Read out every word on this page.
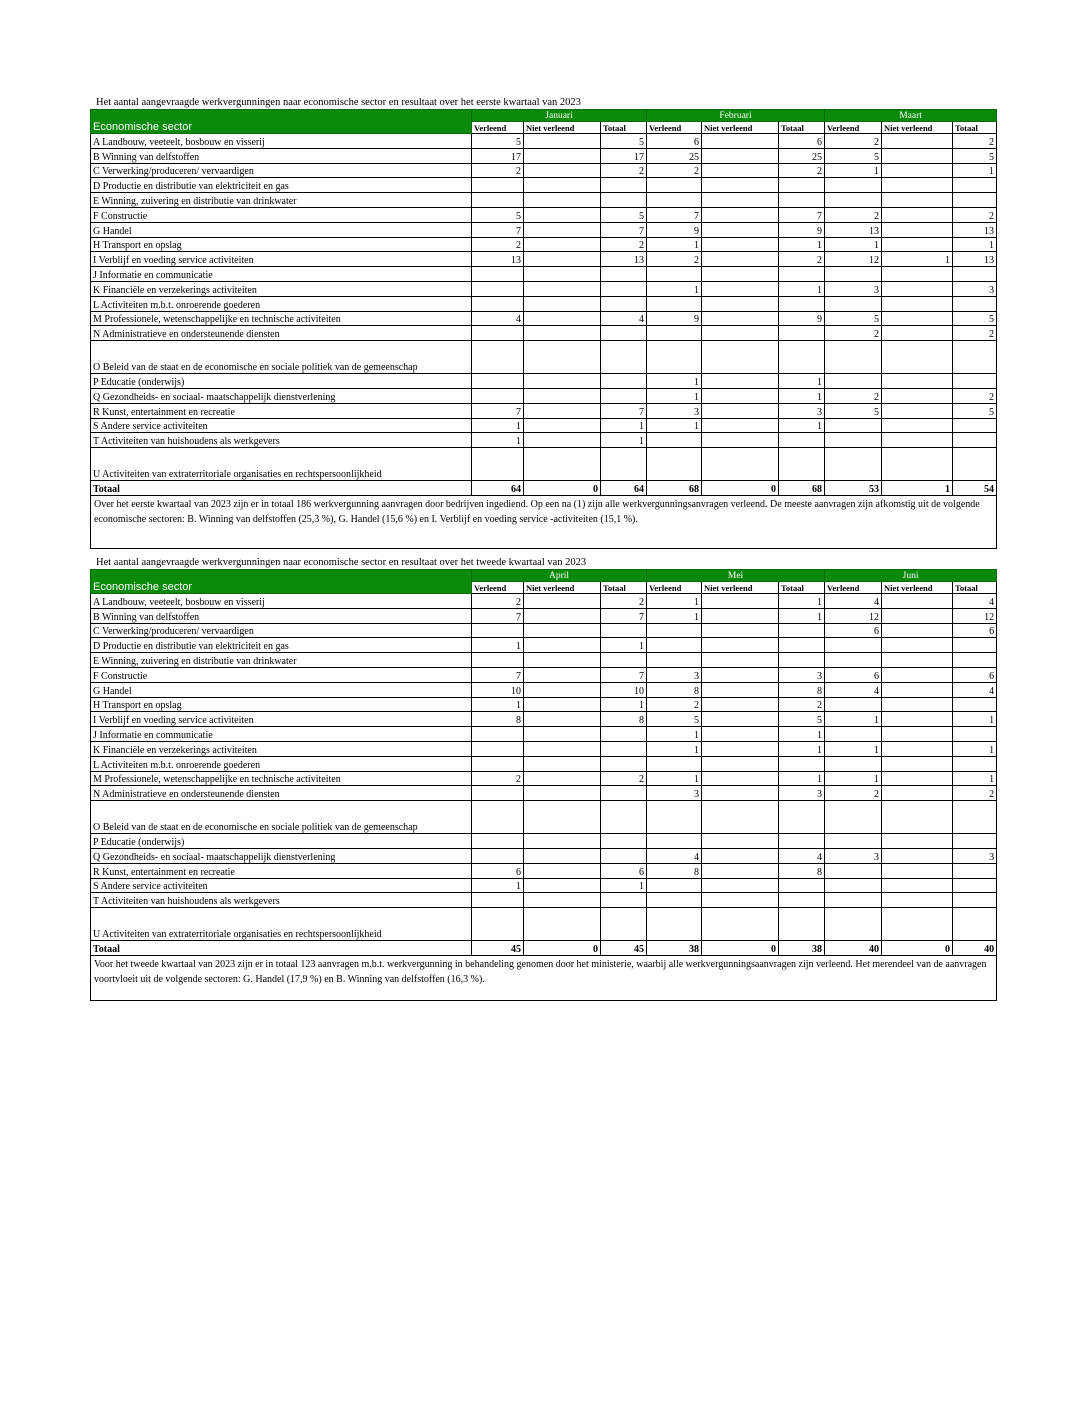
Het aantal aangevraagde werkvergunningen naar economische sector en resultaat over het eerste kwartaal van 2023
Economische sector	Januari			Februari			Maart		
	Verleend	Niet verleend	Totaal	Verleend	Niet verleend	Totaal	Verleend	Niet verleend	Totaal
A Landbouw, veeteelt, bosbouw en visserij	5		5	6		6	2		2
B Winning van delfstoffen	17		17	25		25	5		5
C Verwerking/produceren/ vervaardigen	2		2	2		2	1		1
D Productie en distributie van elektriciteit en gas									
E Winning, zuivering en distributie van drinkwater									
F Constructie	5		5	7		7	2		2
G Handel	7		7	9		9	13		13
H Transport en opslag	2		2	1		1	1		1
I Verblijf en voeding service activiteiten	13		13	2		2	12	1	13
J Informatie en communicatie									
K Financiële en verzekerings activiteiten				1		1	3		3
L Activiteiten m.b.t. onroerende goederen									
M Professionele, wetenschappelijke en technische activiteiten	4		4	9		9	5		5
N Administratieve en ondersteunende diensten							2		2
O Beleid van de staat en de economische en sociale politiek van de gemeenschap									
P Educatie (onderwijs)				1		1			
Q Gezondheids- en sociaal- maatschappelijk dienstverlening				1		1	2		2
R Kunst, entertainment en recreatie	7		7	3		3	5		5
S Andere service activiteiten	1		1	1		1			
T Activiteiten van huishoudens als werkgevers	1		1						
U Activiteiten van extraterritoriale organisaties en rechtspersoonlijkheid									
Totaal	64	0	64	68	0	68	53	1	54
Over het eerste kwartaal van 2023 zijn er in totaal 186 werkvergunning aanvragen door bedrijven ingediend. Op een na (1) zijn alle werkvergunningsanvragen verleend. De meeste aanvragen zijn afkomstig uit de volgende economische sectoren: B. Winning van delfstoffen (25,3 %), G. Handel (15,6 %) en I. Verblijf en voeding service -activiteiten (15,1 %).									
Het aantal aangevraagde werkvergunningen naar economische sector en resultaat over het tweede kwartaal van 2023
Economische sector	April			Mei			Juni		
	Verleend	Niet verleend	Totaal	Verleend	Niet verleend	Totaal	Verleend	Niet verleend	Totaal
A Landbouw, veeteelt, bosbouw en visserij	2		2	1		1	4		4
B Winning van delfstoffen	7		7	1		1	12		12
C Verwerking/produceren/ vervaardigen							6		6
D Productie en distributie van elektriciteit en gas	1		1						
E Winning, zuivering en distributie van drinkwater									
F Constructie	7		7	3		3	6		6
G Handel	10		10	8		8	4		4
H Transport en opslag	1		1	2		2			
I Verblijf en voeding service activiteiten	8		8	5		5	1		1
J Informatie en communicatie				1		1			
K Financiële en verzekerings activiteiten				1		1	1		1
L Activiteiten m.b.t. onroerende goederen									
M Professionele, wetenschappelijke en technische activiteiten	2		2	1		1	1		1
N Administratieve en ondersteunende diensten				3		3	2		2
O Beleid van de staat en de economische en sociale politiek van de gemeenschap									
P Educatie (onderwijs)									
Q Gezondheids- en sociaal- maatschappelijk dienstverlening				4		4	3		3
R Kunst, entertainment en recreatie	6		6	8		8			
S Andere service activiteiten	1		1						
T Activiteiten van huishoudens als werkgevers									
U Activiteiten van extraterritoriale organisaties en rechtspersoonlijkheid									
Totaal	45	0	45	38	0	38	40	0	40
Voor het tweede kwartaal van 2023 zijn er in totaal 123 aanvragen m.b.t. werkvergunning in behandeling genomen door het ministerie, waarbij alle werkvergunningsaanvragen zijn verleend. Het merendeel van de aanvragen voortvloeit uit de volgende sectoren: G. Handel (17,9 %) en B. Winning van delfstoffen (16,3 %).									
